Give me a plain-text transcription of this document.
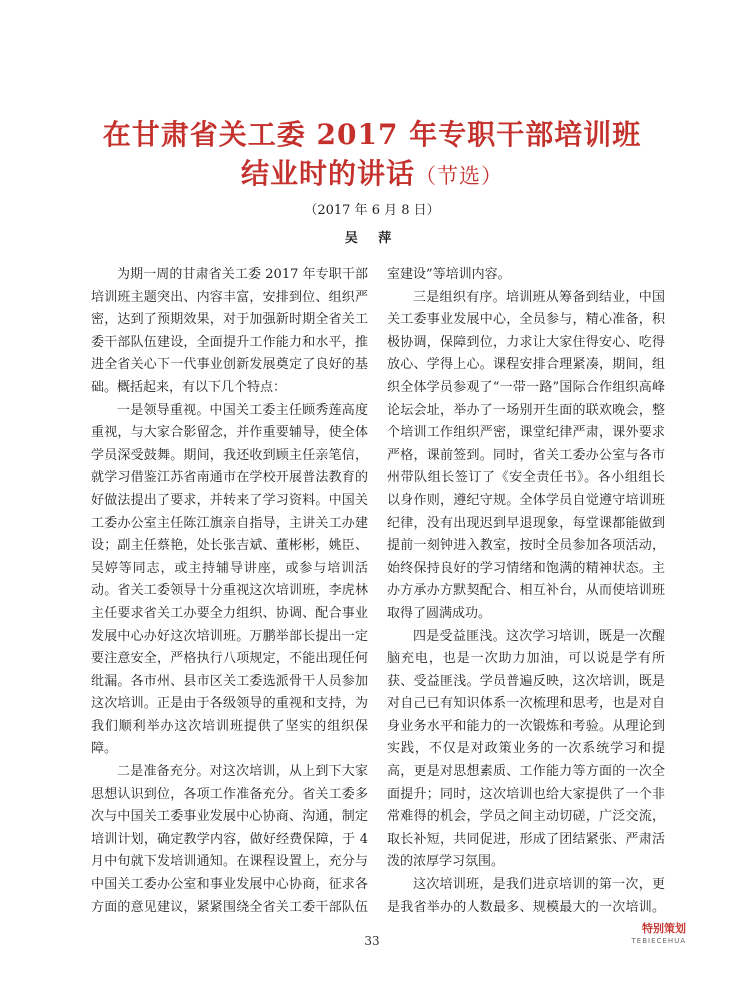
在甘肃省关工委 2017 年专职干部培训班
结业时的讲话（节选）
（2017 年 6 月 8 日）
吴 萍

为期一周的甘肃省关工委 2017 年专职干部培训班主题突出、内容丰富，安排到位、组织严密，达到了预期效果，对于加强新时期全省关工委干部队伍建设，全面提升工作能力和水平，推进全省关心下一代事业创新发展奠定了良好的基础。概括起来，有以下几个特点：

一是领导重视。中国关工委主任顾秀莲高度重视，与大家合影留念，并作重要辅导，使全体学员深受鼓舞。期间，我还收到顾主任亲笔信，就学习借鉴江苏省南通市在学校开展普法教育的好做法提出了要求，并转来了学习资料。中国关工委办公室主任陈江旗亲自指导，主讲关工办建设；副主任蔡艳，处长张吉斌、董彬彬，姚臣、吴婷等同志，或主持辅导讲座，或参与培训活动。省关工委领导十分重视这次培训班，李虎林主任要求省关工办要全力组织、协调、配合事业发展中心办好这次培训班。万鹏举部长提出一定要注意安全，严格执行八项规定，不能出现任何纰漏。各市州、县市区关工委选派骨干人员参加这次培训。正是由于各级领导的重视和支持，为我们顺利举办这次培训班提供了坚实的组织保障。

二是准备充分。对这次培训，从上到下大家思想认识到位，各项工作准备充分。省关工委多次与中国关工委事业发展中心协商、沟通，制定培训计划，确定教学内容，做好经费保障，于 4 月中旬就下发培训通知。在课程设置上，充分与中国关工委办公室和事业发展中心协商，征求各方面的意见建议，紧紧围绕全省关工委干部队伍

室建设”等培训内容。

三是组织有序。培训班从筹备到结业，中国关工委事业发展中心，全员参与，精心准备，积极协调，保障到位，力求让大家住得安心、吃得放心、学得上心。课程安排合理紧凑，期间，组织全体学员参观了“一带一路”国际合作组织高峰论坛会址，举办了一场别开生面的联欢晚会，整个培训工作组织严密，课堂纪律严肃，课外要求严格，课前签到。同时，省关工委办公室与各市州带队组长签订了《安全责任书》。各小组组长以身作则，遵纪守规。全体学员自觉遵守培训班纪律，没有出现迟到早退现象，每堂课都能做到提前一刻钟进入教室，按时全员参加各项活动，始终保持良好的学习情绪和饱满的精神状态。主办方承办方默契配合、相互补台，从而使培训班取得了圆满成功。

四是受益匪浅。这次学习培训，既是一次醒脑充电，也是一次助力加油，可以说是学有所获、受益匪浅。学员普遍反映，这次培训，既是对自己已有知识体系一次梳理和思考，也是对自身业务水平和能力的一次锻炼和考验。从理论到实践，不仅是对政策业务的一次系统学习和提高，更是对思想素质、工作能力等方面的一次全面提升；同时，这次培训也给大家提供了一个非常难得的机会，学员之间主动切磋，广泛交流，取长补短，共同促进，形成了团结紧张、严肃活泼的浓厚学习氛围。

这次培训班，是我们进京培训的第一次，更是我省举办的人数最多、规模最大的一次培训。

33
特别策划
TEBIECEHUA
